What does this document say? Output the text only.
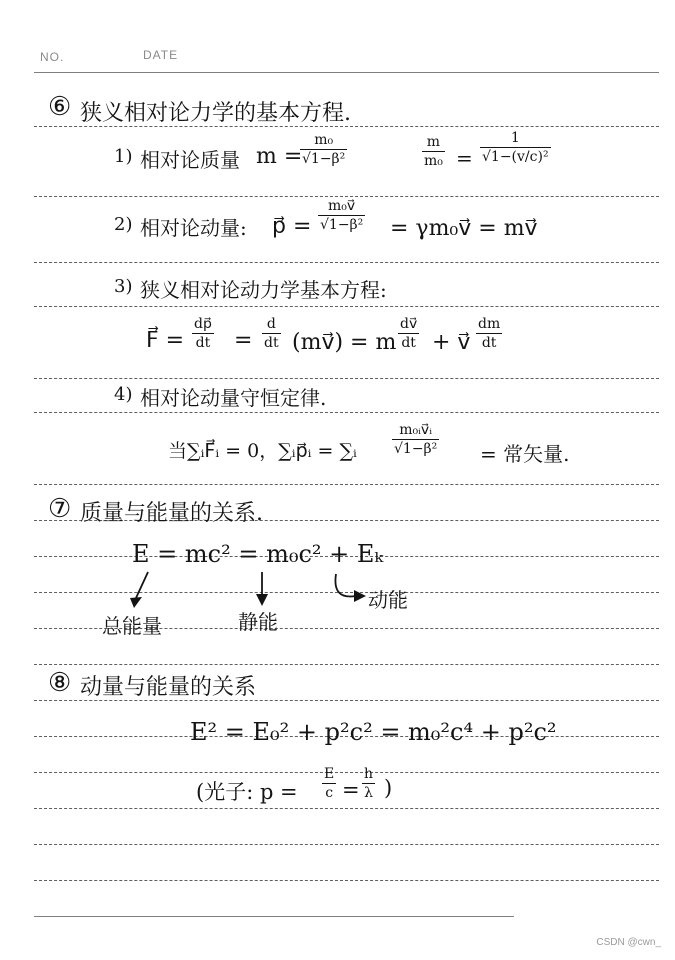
NO.	DATE
⑥ 狭义相对论力学的基本方程.
1) 相对论质量 m =
m₀
√1−β²
m
m₀ =
1
√1−(v/c)²
2) 相对论动量: p⃗ =
m₀v⃗
√1−β² = γm₀v⃗ = mv⃗
3) 狭义相对论动力学基本方程:
F⃗ =
dp⃗
dt =
d
dt (mv⃗) = m
dv⃗
dt + v⃗
dm
dt
4) 相对论动量守恒定律.
当∑ᵢF⃗ᵢ = 0，∑ᵢp⃗ᵢ = ∑ᵢ
m₀ᵢv⃗ᵢ
√1−β² = 常矢量.
⑦ 质量与能量的关系.
E = mc² = m₀c² + Eₖ
总能量	静能
动能
⑧ 动量与能量的关系
E² = E₀² + p²c² = m₀²c⁴ + p²c²
(光子: p =
E
c =
h
λ )
CSDN @cwn_
